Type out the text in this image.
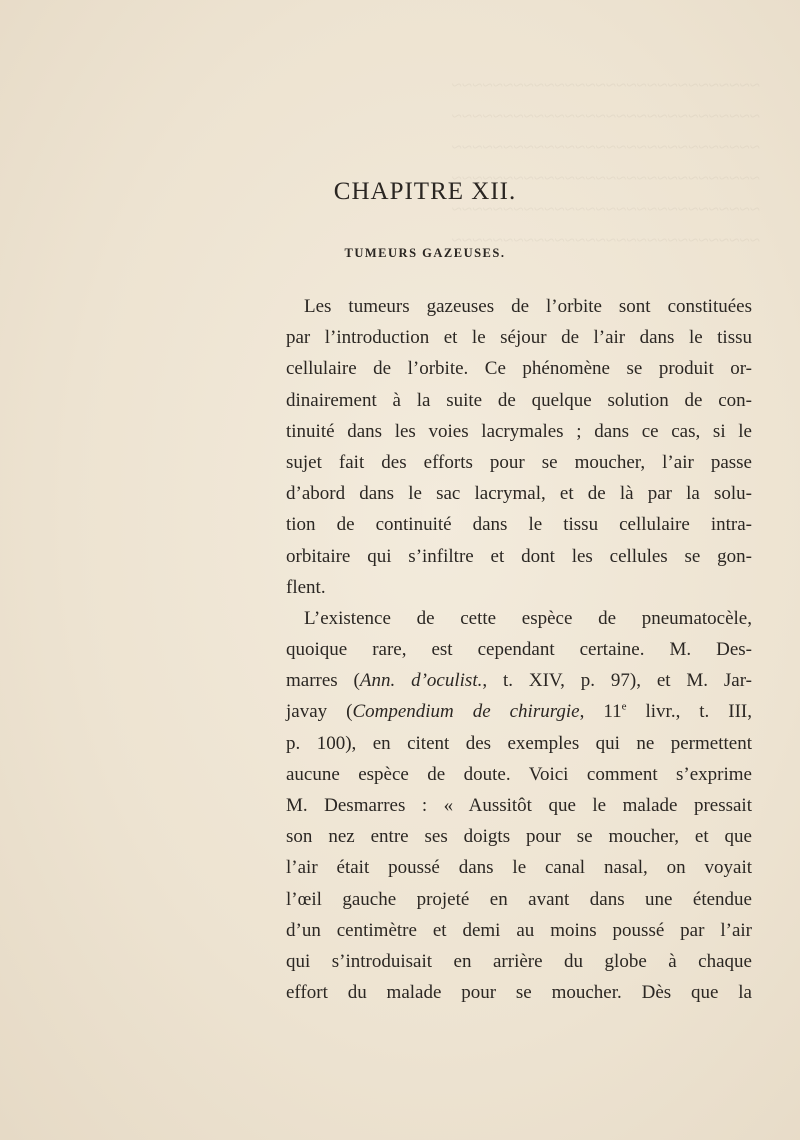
~~~~~~~~~~~~~~~~~~~~~~~~~~~~~~
~~~~~~~~~~~~~~~~~~~~~~~~~~~~~~
~~~~~~~~~~~~~~~~~~~~~~~~~~~~~~
~~~~~~~~~~~~~~~~~~~~~~~~~~~~~~
~~~~~~~~~~~~~~~~~~~~~~~~~~~~~~
~~~~~~~~~~~~~~~~~~~~~~~~~~~~~~
CHAPITRE XII.
TUMEURS GAZEUSES.
Les tumeurs gazeuses de l’orbite sont constituées
par l’introduction et le séjour de l’air dans le tissu
cellulaire de l’orbite. Ce phénomène se produit or-
dinairement à la suite de quelque solution de con-
tinuité dans les voies lacrymales ; dans ce cas, si le
sujet fait des efforts pour se moucher, l’air passe
d’abord dans le sac lacrymal, et de là par la solu-
tion de continuité dans le tissu cellulaire intra-
orbitaire qui s’infiltre et dont les cellules se gon-
flent.
L’existence de cette espèce de pneumatocèle,
quoique rare, est cependant certaine. M. Des-
marres (Ann. d’oculist., t. XIV, p. 97), et M. Jar-
javay (Compendium de chirurgie, 11e livr., t. III,
p. 100), en citent des exemples qui ne permettent
aucune espèce de doute. Voici comment s’exprime
M. Desmarres : « Aussitôt que le malade pressait
son nez entre ses doigts pour se moucher, et que
l’air était poussé dans le canal nasal, on voyait
l’œil gauche projeté en avant dans une étendue
d’un centimètre et demi au moins poussé par l’air
qui s’introduisait en arrière du globe à chaque
effort du malade pour se moucher. Dès que la
